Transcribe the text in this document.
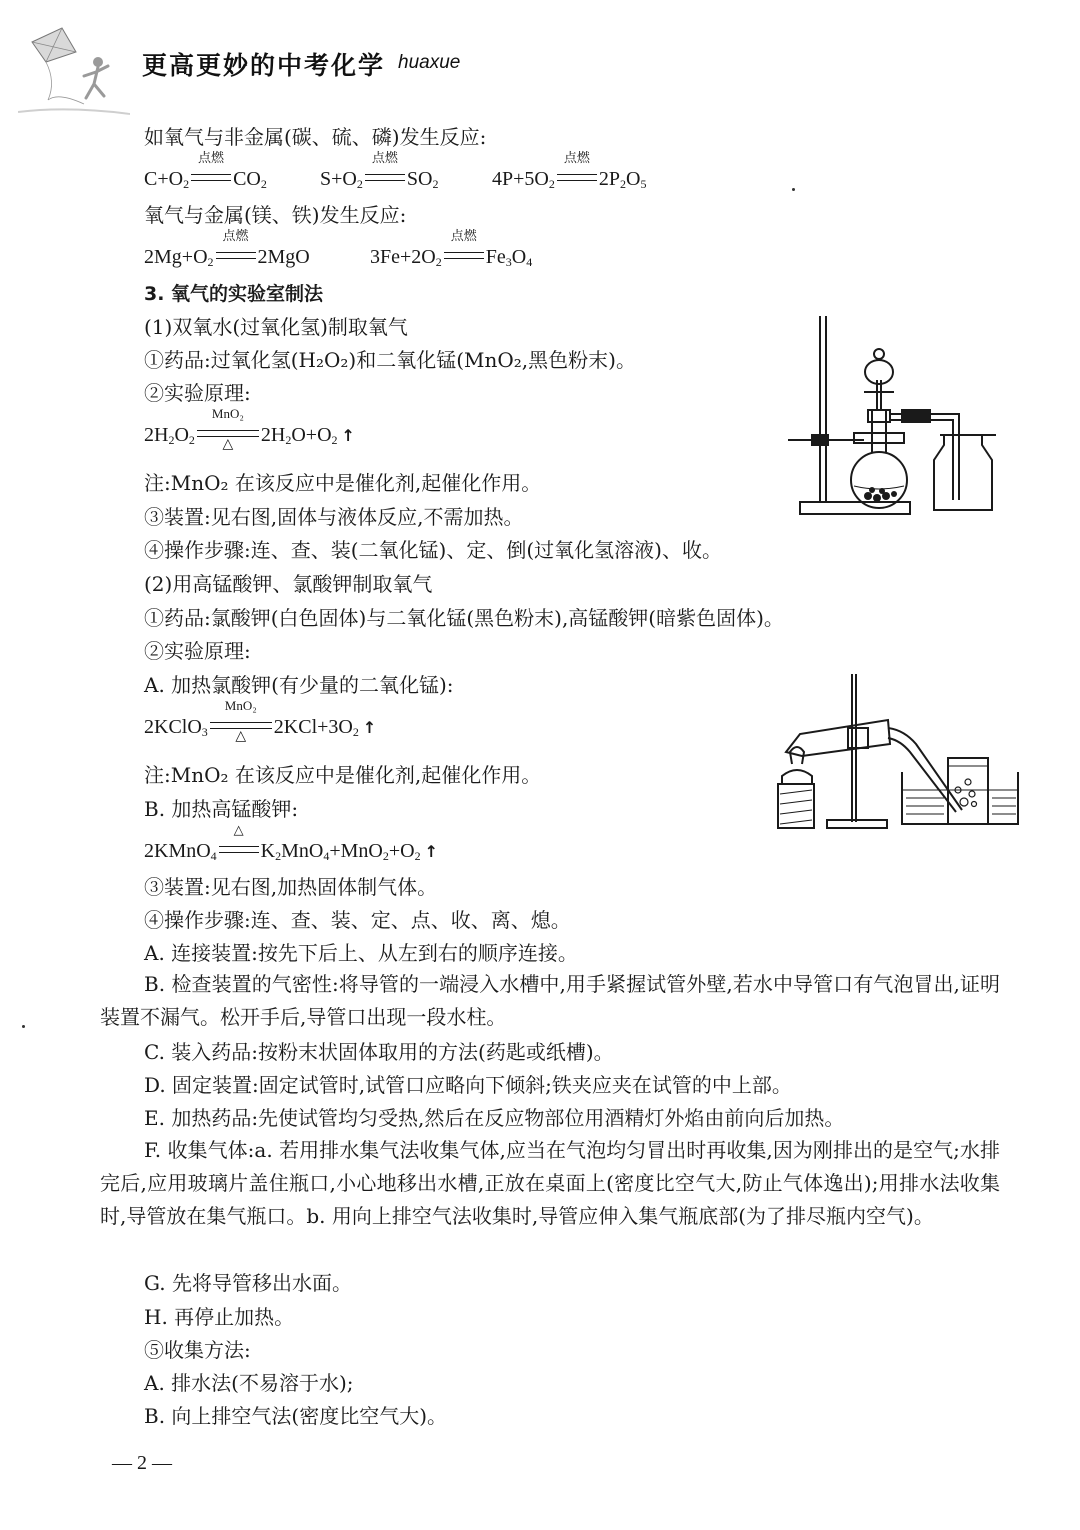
更高更妙的中考化学 huaxue
如氧气与非金属(碳、硫、磷)发生反应:
$C+O_2$
点燃
$CO_2$	$S+O_2$
点燃
$SO_2$	$4P+5O_2$
点燃
$2P_2O_5$
氧气与金属(镁、铁)发生反应:
$2Mg+O_2$
点燃
2MgO	$3Fe+2O_2$
点燃
$Fe_3O_4$
3. 氧气的实验室制法
(1)双氧水(过氧化氢)制取氧气
①药品:过氧化氢(H₂O₂)和二氧化锰(MnO₂,黑色粉末)。
②实验原理:
$2H_2O_2$
MnO₂
△	$2H_2O+O_2$ ↑
注:MnO₂ 在该反应中是催化剂,起催化作用。
③装置:见右图,固体与液体反应,不需加热。
④操作步骤:连、查、装(二氧化锰)、定、倒(过氧化氢溶液)、收。
(2)用高锰酸钾、氯酸钾制取氧气
①药品:氯酸钾(白色固体)与二氧化锰(黑色粉末),高锰酸钾(暗紫色固体)。
②实验原理:
A. 加热氯酸钾(有少量的二氧化锰):
2KClO$_3$
MnO₂
△	$2KCl+3O_2$ ↑
注:MnO₂ 在该反应中是催化剂,起催化作用。
B. 加热高锰酸钾:
2KMnO$_4$
△
$K_2MnO_4+MnO_2+O_2$ ↑
③装置:见右图,加热固体制气体。
④操作步骤:连、查、装、定、点、收、离、熄。
A. 连接装置:按先下后上、从左到右的顺序连接。
B. 检查装置的气密性:将导管的一端浸入水槽中,用手紧握试管外壁,若水中导管口有气泡冒出,证明装置不漏气。松开手后,导管口出现一段水柱。
C. 装入药品:按粉末状固体取用的方法(药匙或纸槽)。
D. 固定装置:固定试管时,试管口应略向下倾斜;铁夹应夹在试管的中上部。
E. 加热药品:先使试管均匀受热,然后在反应物部位用酒精灯外焰由前向后加热。
F. 收集气体:a. 若用排水集气法收集气体,应当在气泡均匀冒出时再收集,因为刚排出的是空气;水排完后,应用玻璃片盖住瓶口,小心地移出水槽,正放在桌面上(密度比空气大,防止气体逸出);用排水法收集时,导管放在集气瓶口。b. 用向上排空气法收集时,导管应伸入集气瓶底部(为了排尽瓶内空气)。
G. 先将导管移出水面。
H. 再停止加热。
⑤收集方法:
A. 排水法(不易溶于水);
B. 向上排空气法(密度比空气大)。
— 2 —
